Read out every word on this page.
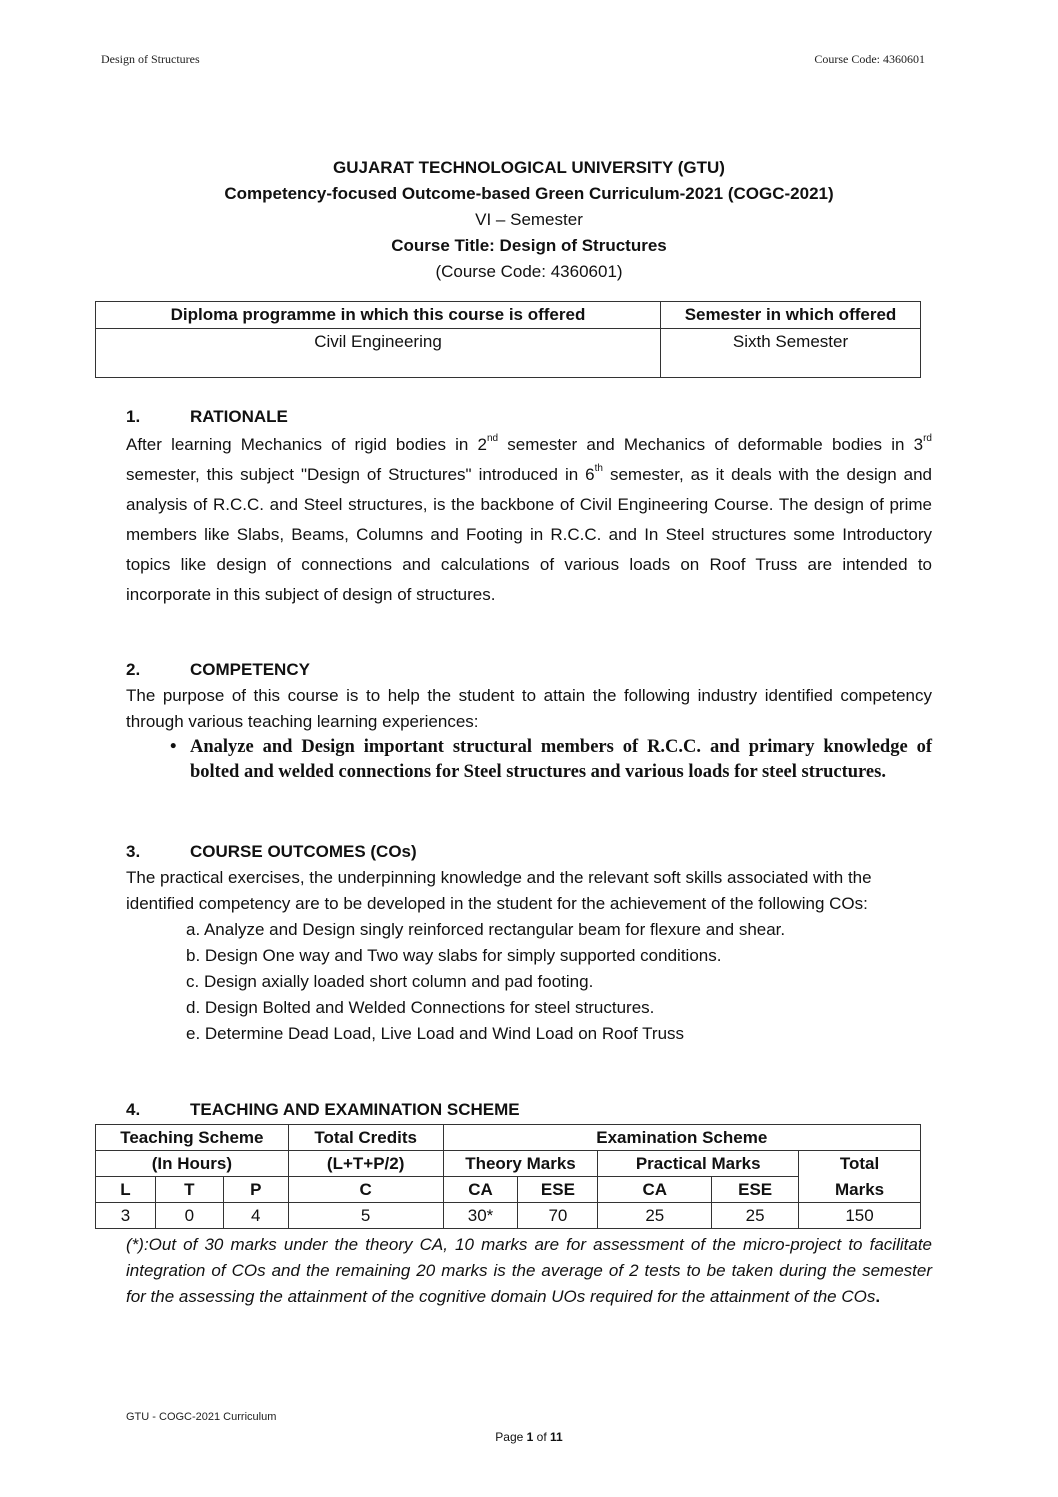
Design of Structures	Course Code: 4360601
GUJARAT TECHNOLOGICAL UNIVERSITY (GTU)
Competency-focused Outcome-based Green Curriculum-2021 (COGC-2021)
VI – Semester
Course Title: Design of Structures
(Course Code: 4360601)
Diploma programme in which this course is offered	Semester in which offered
Civil Engineering	Sixth Semester
1.	RATIONALE
After learning Mechanics of rigid bodies in 2nd semester and Mechanics of deformable bodies in 3rd semester, this subject "Design of Structures" introduced in 6th semester, as it deals with the design and analysis of R.C.C. and Steel structures, is the backbone of Civil Engineering Course. The design of prime members like Slabs, Beams, Columns and Footing in R.C.C. and In Steel structures some Introductory topics like design of connections and calculations of various loads on Roof Truss are intended to incorporate in this subject of design of structures.
2.	COMPETENCY
The purpose of this course is to help the student to attain the following industry identified competency through various teaching learning experiences:
• Analyze and Design important structural members of R.C.C. and primary knowledge of bolted and welded connections for Steel structures and various loads for steel structures.
3.	COURSE OUTCOMES (COs)
The practical exercises, the underpinning knowledge and the relevant soft skills associated with the identified competency are to be developed in the student for the achievement of the following COs:
a. Analyze and Design singly reinforced rectangular beam for flexure and shear.
b. Design One way and Two way slabs for simply supported conditions.
c. Design axially loaded short column and pad footing.
d. Design Bolted and Welded Connections for steel structures.
e. Determine Dead Load, Live Load and Wind Load on Roof Truss
4.	TEACHING AND EXAMINATION SCHEME
Teaching Scheme			Total Credits	Examination Scheme				
(In Hours)			(L+T+P/2)	Theory Marks		Practical Marks		Total
L	T	P	C	CA	ESE	CA	ESE	Marks
3	0	4	5	30*	70	25	25	150
(*):Out of 30 marks under the theory CA, 10 marks are for assessment of the micro-project to facilitate integration of COs and the remaining 20 marks is the average of 2 tests to be taken during the semester for the assessing the attainment of the cognitive domain UOs required for the attainment of the COs.
GTU - COGC-2021 Curriculum
Page 1 of 11
